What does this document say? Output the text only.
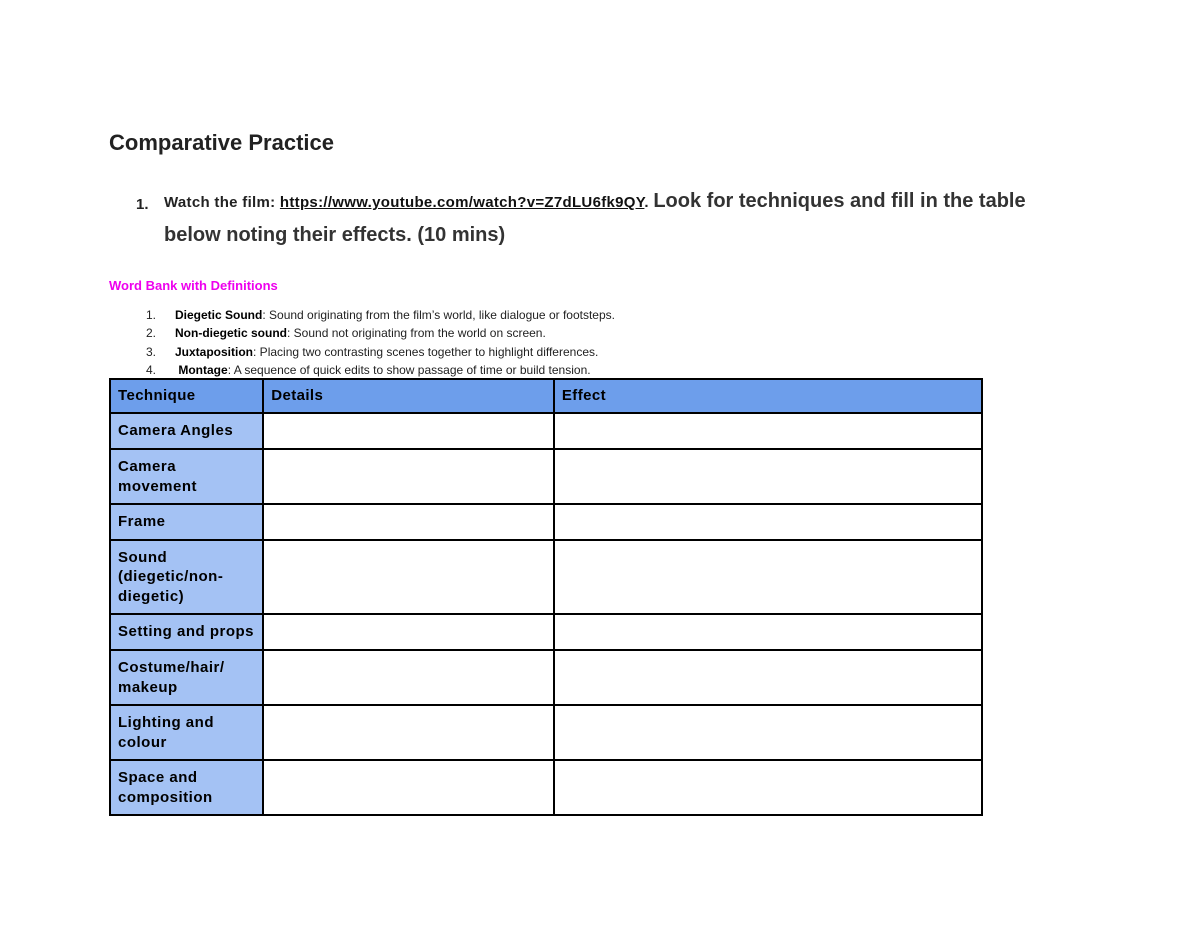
Comparative Practice
1. Watch the film: https://www.youtube.com/watch?v=Z7dLU6fk9QY. Look for techniques and fill in the table
below noting their effects. (10 mins)
Word Bank with Definitions
1.	Diegetic Sound: Sound originating from the film’s world, like dialogue or footsteps.
2.	Non-diegetic sound: Sound not originating from the world on screen.
3.	Juxtaposition: Placing two contrasting scenes together to highlight differences.
4.	Montage: A sequence of quick edits to show passage of time or build tension.
Technique	Details	Effect
Camera Angles		
Camera movement		
Frame		
Sound (diegetic/non-diegetic)		
Setting and props		
Costume/hair/ makeup		
Lighting and colour		
Space and composition		
